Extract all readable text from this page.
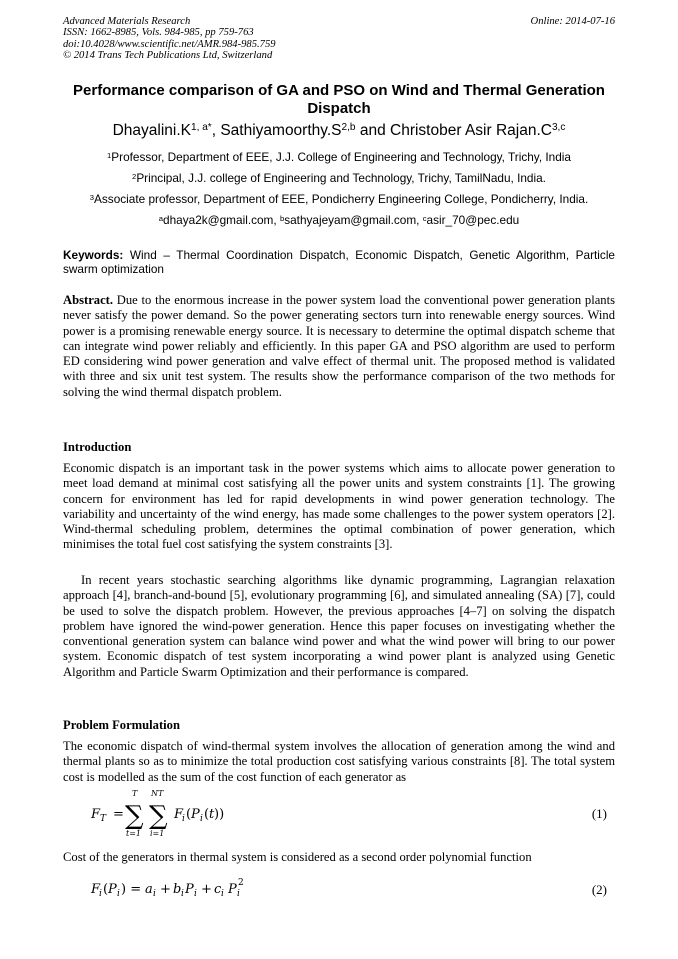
Advanced Materials Research
ISSN: 1662-8985, Vols. 984-985, pp 759-763
doi:10.4028/www.scientific.net/AMR.984-985.759
© 2014 Trans Tech Publications Ltd, Switzerland
Online: 2014-07-16
Performance comparison of GA and PSO on Wind and Thermal Generation Dispatch
$Dhayalini.K^{1, a*}$, $Sathiyamoorthy.S^{2,b}$ and Christober Asir $Rajan.C^{3,c}$
$^1$Professor, Department of EEE, J.J. College of Engineering and Technology, Trichy, India
$^2$Principal, J.J. college of Engineering and Technology, Trichy, TamilNadu, India.
$^3$Associate professor, Department of EEE, Pondicherry Engineering College, Pondicherry, India.
$^a$dhaya2k@gmail.com, $^b$sathyajeyam@gmail.com, $^c$asir_70@pec.edu
Keywords: Wind – Thermal Coordination Dispatch, Economic Dispatch, Genetic Algorithm, Particle swarm optimization
Abstract. Due to the enormous increase in the power system load the conventional power generation plants never satisfy the power demand. So the power generating sectors turn into renewable energy sources. Wind power is a promising renewable energy source. It is necessary to determine the optimal dispatch scheme that can integrate wind power reliably and efficiently. In this paper GA and PSO algorithm are used to perform ED considering wind power generation and valve effect of thermal unit. The proposed method is validated with three and six unit test system. The results show the performance comparison of the two methods for solving the wind thermal dispatch problem.
Introduction
Economic dispatch is an important task in the power systems which aims to allocate power generation to meet load demand at minimal cost satisfying all the power units and system constraints [1]. The growing concern for environment has led for rapid developments in wind power generation technology. The variability and uncertainty of the wind energy, has made some challenges to the power system operators [2]. Wind-thermal scheduling problem, determines the optimal combination of power generation, which minimises the total fuel cost satisfying the system constraints [3].
In recent years stochastic searching algorithms like dynamic programming, Lagrangian relaxation approach [4], branch-and-bound [5], evolutionary programming [6], and simulated annealing (SA) [7], could be used to solve the dispatch problem. However, the previous approaches [4–7] on solving the dispatch problem have ignored the wind-power generation. Hence this paper focuses on investigating whether the conventional generation system can balance wind power and what the wind power will bring to our power system. Economic dispatch of test system incorporating a wind power plant is analyzed using Genetic Algorithm and Particle Swarm Optimization and their performance is compared.
Problem Formulation
The economic dispatch of wind-thermal system involves the allocation of generation among the wind and thermal plants so as to minimize the total production cost satisfying various constraints [8]. The total system cost is modelled as the sum of the cost function of each generator as
F T = ∑
T
t=1
∑
NT
i=1
F
i ( P i ( t ))	(1)
Cost of the generators in thermal system is considered as a second order polynomial function
F
i ( P i ) = a i + b i P i + c i P i
2	(2)
